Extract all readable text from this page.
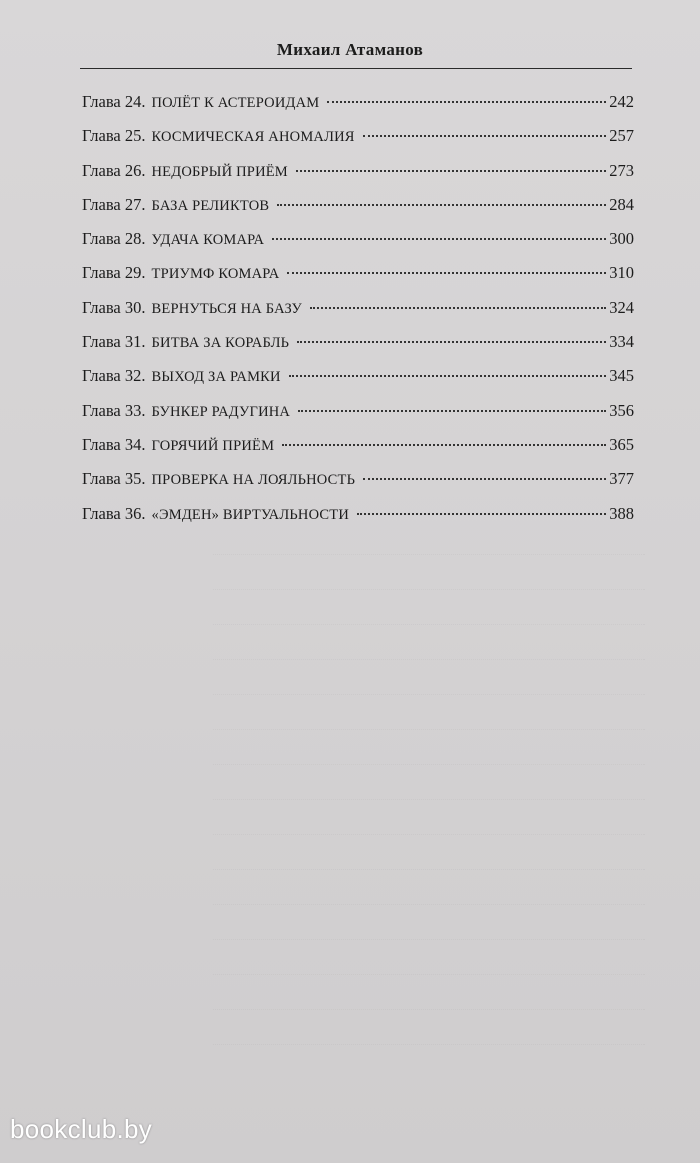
Михаил Атаманов
Глава 24. ПОЛЁТ К АСТЕРОИДАМ	242
Глава 25. КОСМИЧЕСКАЯ АНОМАЛИЯ	257
Глава 26. НЕДОБРЫЙ ПРИЁМ	273
Глава 27. БАЗА РЕЛИКТОВ	284
Глава 28. УДАЧА КОМАРА	300
Глава 29. ТРИУМФ КОМАРА	310
Глава 30. ВЕРНУТЬСЯ НА БАЗУ	324
Глава 31. БИТВА ЗА КОРАБЛЬ	334
Глава 32. ВЫХОД ЗА РАМКИ	345
Глава 33. БУНКЕР РАДУГИНА	356
Глава 34. ГОРЯЧИЙ ПРИЁМ	365
Глава 35. ПРОВЕРКА НА ЛОЯЛЬНОСТЬ	377
Глава 36. «ЭМДЕН» ВИРТУАЛЬНОСТИ	388
bookclub.by
